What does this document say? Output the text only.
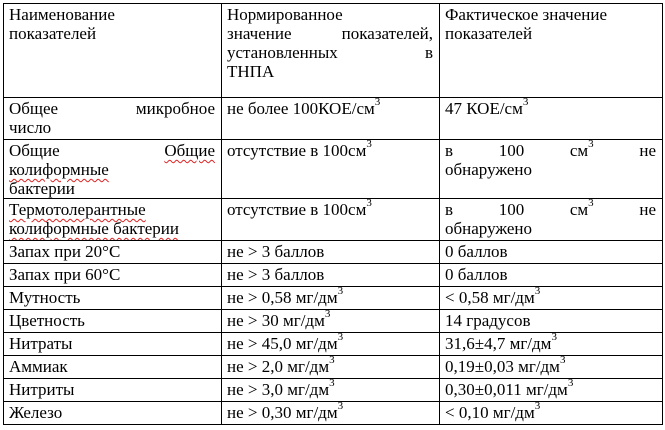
Наименование
показателей	Нормированное
значение показателей,
установленных в
ТНПА	Фактическое значение
показателей

Общее микробное
число	не более $100КОЕ/см^3$	47 КОЕ/$см^3$

Общие Общие колиформные
бактерии	отсутствие в $100см^3$	в 100 $см^3$ не
обнаружено

Термотолерантные
колиформные бактерии	отсутствие в $100см^3$	в 100 $см^3$ не
обнаружено

Запах при 20°С	не > 3 баллов	0 баллов
Запах при 60°С	не > 3 баллов	0 баллов
Мутность	не > 0,58 $мг/дм^3$	< 0,58 $мг/дм^3$
Цветность	не > 30 $мг/дм^3$	14 градусов
Нитраты	не > 45,0 $мг/дм^3$	31,6±4,7 $мг/дм^3$
Аммиак	не > 2,0 $мг/дм^3$	0,19±0,03 $мг/дм^3$
Нитриты	не > 3,0 $мг/дм^3$	0,30±0,011 $мг/дм^3$
Железо	не > 0,30 $мг/дм^3$	< 0,10 $мг/дм^3$
